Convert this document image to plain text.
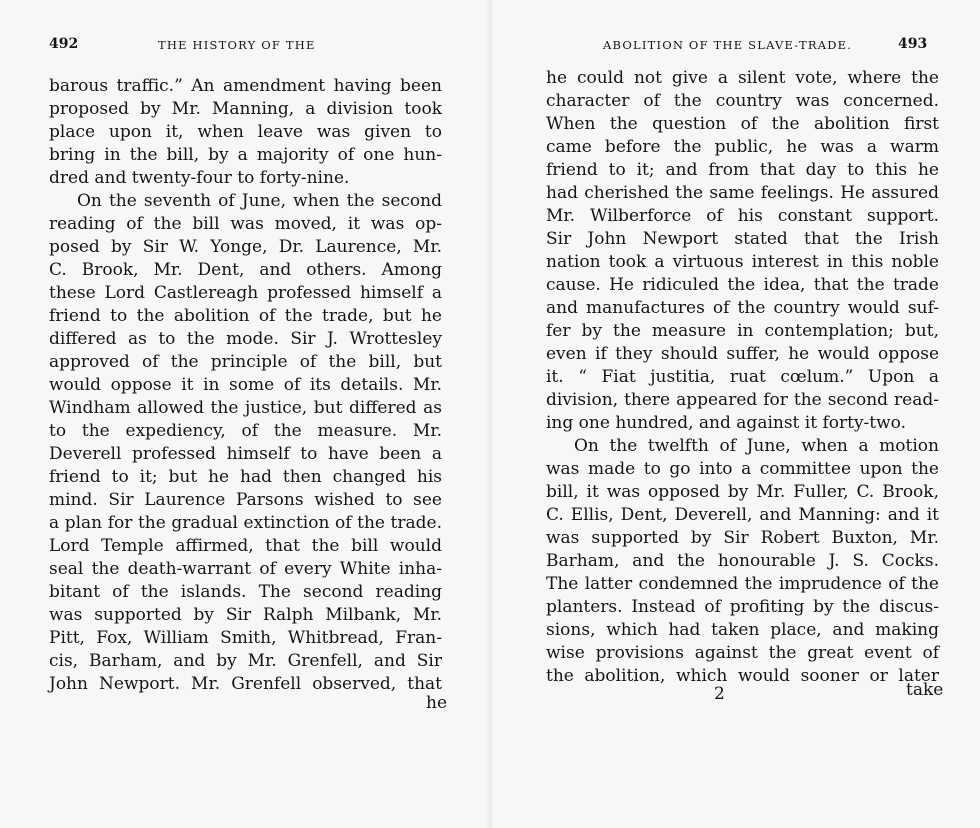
492	THE HISTORY OF THE
barous traffic.” An amendment having been
proposed by Mr. Manning, a division took
place upon it, when leave was given to
bring in the bill, by a majority of one hun-
dred and twenty-four to forty-nine.
On the seventh of June, when the second
reading of the bill was moved, it was op-
posed by Sir W. Yonge, Dr. Laurence, Mr.
C. Brook, Mr. Dent, and others. Among
these Lord Castlereagh professed himself a
friend to the abolition of the trade, but he
differed as to the mode. Sir J. Wrottesley
approved of the principle of the bill, but
would oppose it in some of its details. Mr.
Windham allowed the justice, but differed as
to the expediency, of the measure. Mr.
Deverell professed himself to have been a
friend to it; but he had then changed his
mind. Sir Laurence Parsons wished to see
a plan for the gradual extinction of the trade.
Lord Temple affirmed, that the bill would
seal the death-warrant of every White inha-
bitant of the islands. The second reading
was supported by Sir Ralph Milbank, Mr.
Pitt, Fox, William Smith, Whitbread, Fran-
cis, Barham, and by Mr. Grenfell, and Sir
John Newport. Mr. Grenfell observed, that
he
ABOLITION OF THE SLAVE-TRADE.	493
he could not give a silent vote, where the
character of the country was concerned.
When the question of the abolition first
came before the public, he was a warm
friend to it; and from that day to this he
had cherished the same feelings. He assured
Mr. Wilberforce of his constant support.
Sir John Newport stated that the Irish
nation took a virtuous interest in this noble
cause. He ridiculed the idea, that the trade
and manufactures of the country would suf-
fer by the measure in contemplation; but,
even if they should suffer, he would oppose
it. “ Fiat justitia, ruat cœlum.” Upon a
division, there appeared for the second read-
ing one hundred, and against it forty-two.
On the twelfth of June, when a motion
was made to go into a committee upon the
bill, it was opposed by Mr. Fuller, C. Brook,
C. Ellis, Dent, Deverell, and Manning: and it
was supported by Sir Robert Buxton, Mr.
Barham, and the honourable J. S. Cocks.
The latter condemned the imprudence of the
planters. Instead of profiting by the discus-
sions, which had taken place, and making
wise provisions against the great event of
the abolition, which would sooner or later
2	take
